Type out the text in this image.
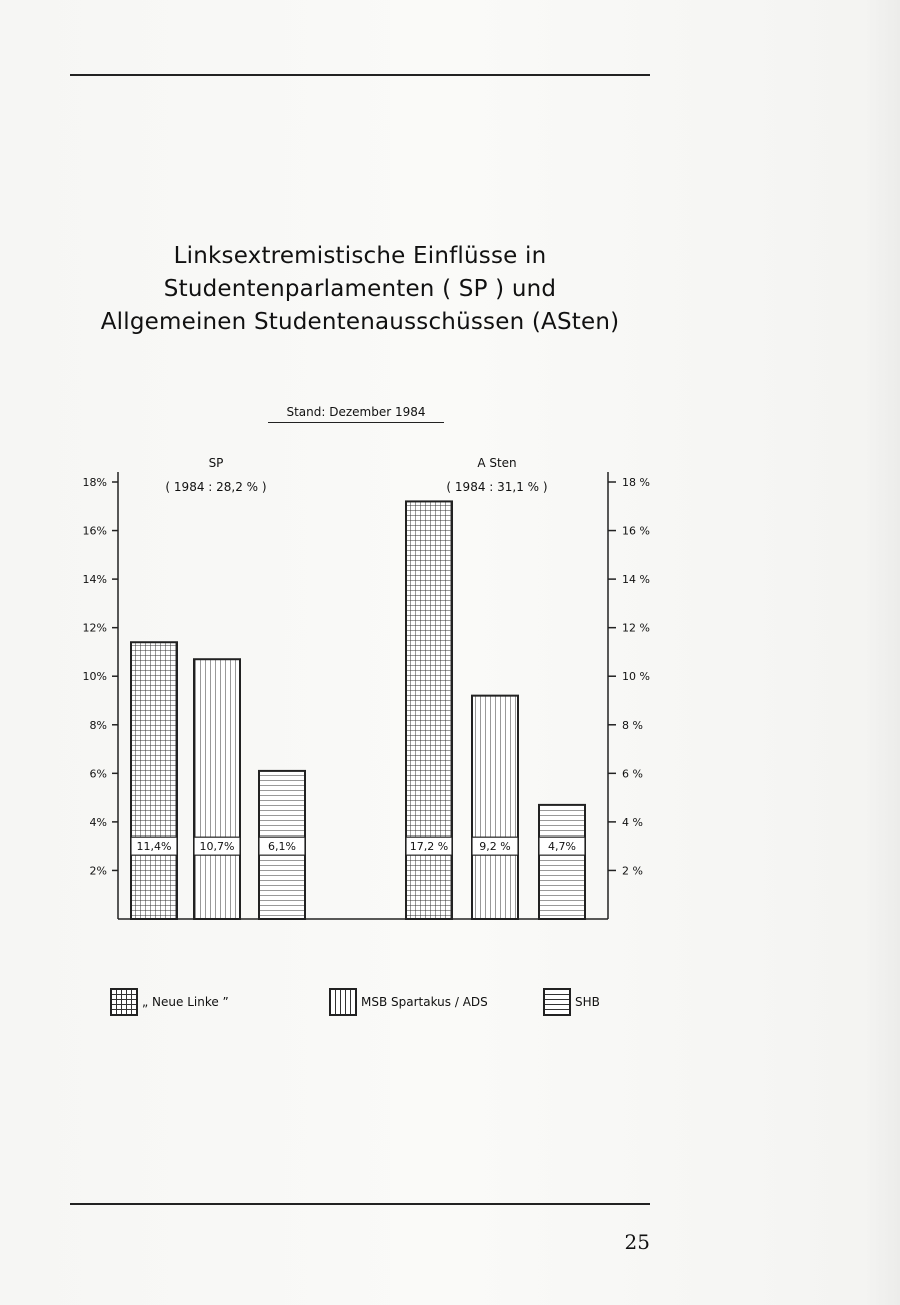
Linksextremistische Einflüsse in
Studentenparlamenten ( SP ) und
Allgemeinen Studentenausschüssen (ASten)
Stand: Dezember 1984
2%
4%
6%
8%
10%
12%
14%
16%
18%
2 %
4 %
6 %
8 %
10 %
12 %
14 %
16 %
18 %
SP
( 1984 : 28,2 % )
A Sten
( 1984 : 31,1 % )
11,4%	17,2 %
10,7%	9,2 %
6,1%	4,7%
„ Neue Linke ”	MSB Spartakus / ADS	SHB
25
